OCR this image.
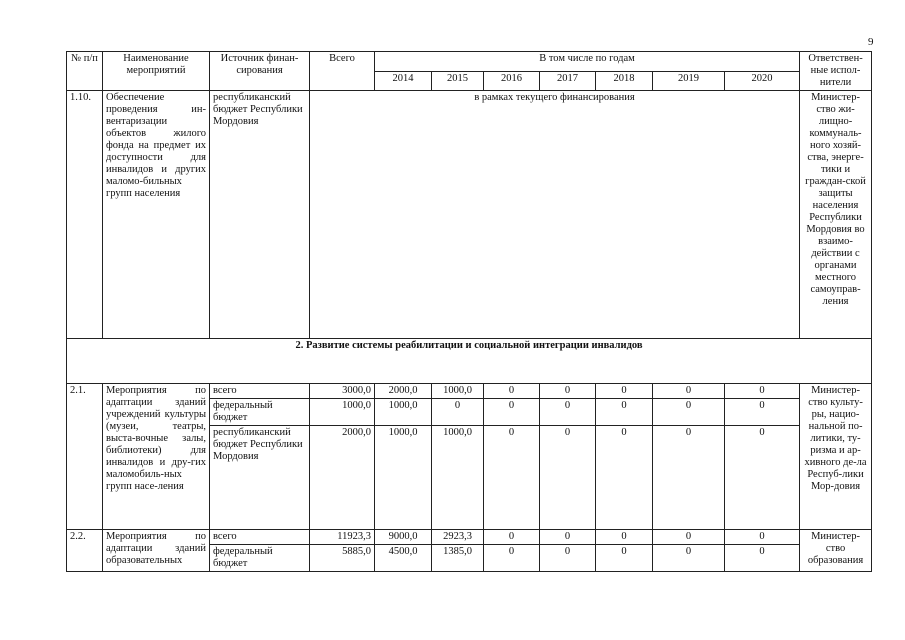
9
№ п/п	Наименование мероприятий	Источник финан-сирования	Всего	В том числе по годам							Ответствен-ные испол-нители
				2014	2015	2016	2017	2018	2019	2020	
1.10.	Обеспечение проведения ин-вентаризации объектов жилого фонда на предмет их доступности для инвалидов и других маломо-бильных групп населения	республиканский бюджет Республики Мордовия	в рамках текущего финансирования								Министер-ство жи-лищно-коммуналь-ного хозяй-ства, энерге-тики и граждан-ской защиты населения Республики Мордовия во взаимо-действии с органами местного самоуправ-ления
2. Развитие системы реабилитации и социальной интеграции инвалидов											
2.1.	Мероприятия по адаптации зданий учреждений культуры (музеи, театры, выста-вочные залы, библиотеки) для инвалидов и дру-гих маломобиль-ных групп насе-ления	всего	3000,0	2000,0	1000,0	0	0	0	0	0	Министер-ство культу-ры, нацио-нальной по-литики, ту-ризма и ар-хивного де-ла Респуб-лики Мор-довия
		федеральный бюджет	1000,0	1000,0	0	0	0	0	0	0	
		республиканский бюджет Республики Мордовия	2000,0	1000,0	1000,0	0	0	0	0	0	
2.2.	Мероприятия по адаптации зданий образовательных	всего	11923,3	9000,0	2923,3	0	0	0	0	0	Министер-ство образования
		федеральный бюджет	5885,0	4500,0	1385,0	0	0	0	0	0	
